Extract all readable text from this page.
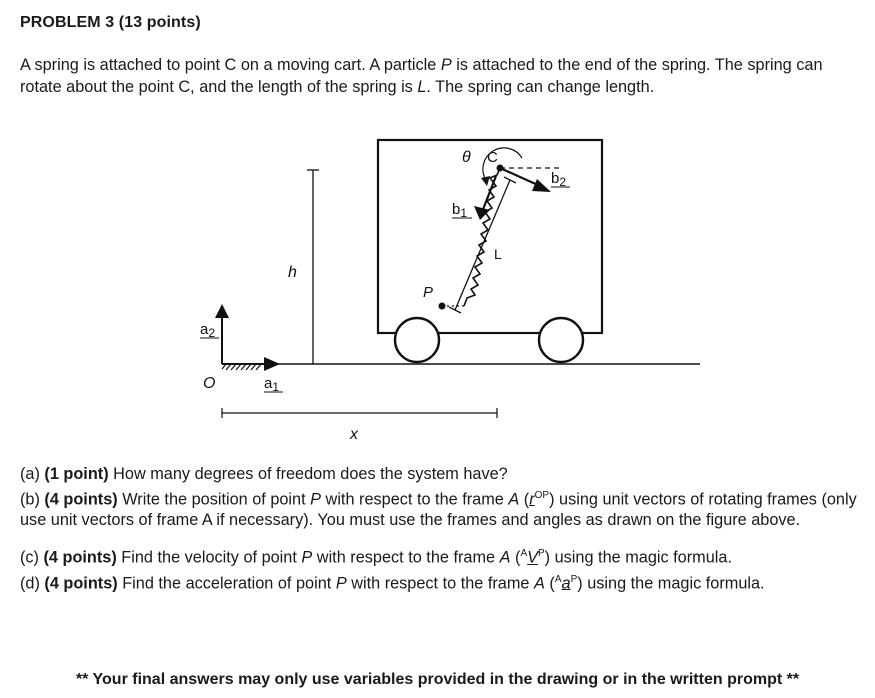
PROBLEM 3 (13 points)

A spring is attached to point C on a moving cart. A particle P is attached to the end of the spring. The spring can rotate about the point C, and the length of the spring is L. The spring can change length.

θ C
$b_1$
$b_2$
L
P
h
$a_2$
$a_1$
O
x

(a) (1 point) How many degrees of freedom does the system have?

(b) (4 points) Write the position of point P with respect to the frame A $(r^{OP})$ using unit vectors of rotating frames (only use unit vectors of frame A if necessary). You must use the frames and angles as drawn on the figure above.

(c) (4 points) Find the velocity of point P with respect to the frame A $(^AV^P)$ using the magic formula.

(d) (4 points) Find the acceleration of point P with respect to the frame A $(^Aa^P)$ using the magic formula.

** Your final answers may only use variables provided in the drawing or in the written prompt **
